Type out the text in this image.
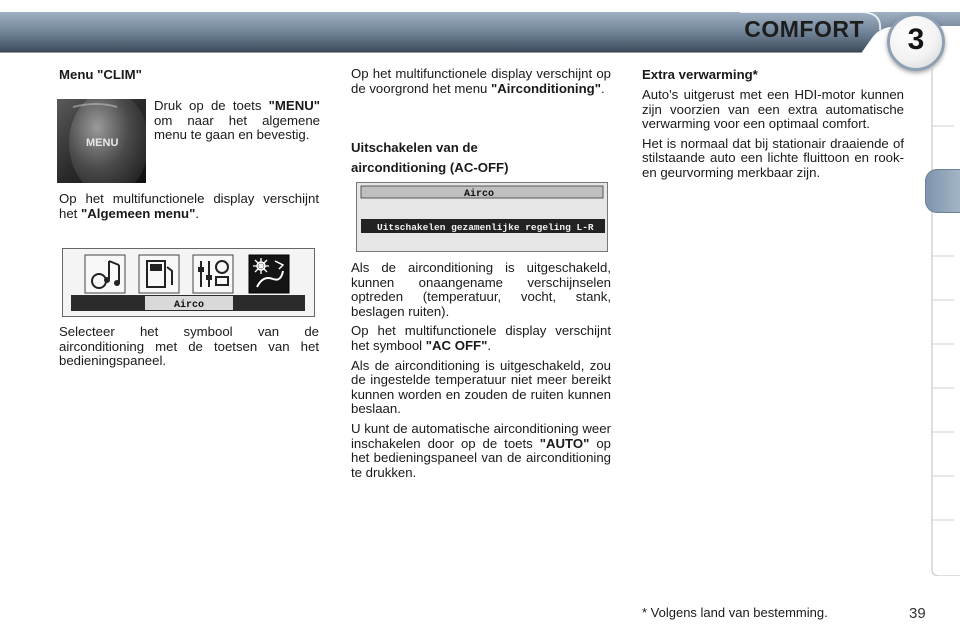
COMFORT	3

Menu "CLIM"

MENU

Druk op de toets "MENU" om naar het algemene menu te gaan en bevestig.

Op het multifunctionele display verschijnt het "Algemeen menu".

Airco

Selecteer het symbool van de airconditioning met de toetsen van het bedieningspaneel.

Op het multifunctionele display verschijnt op de voorgrond het menu "Airconditioning".

Uitschakelen van de

airconditioning (AC-OFF)

Airco
Uitschakelen gezamenlijke regeling L-R

Als de airconditioning is uitgeschakeld, kunnen onaangename verschijnselen optreden (temperatuur, vocht, stank, beslagen ruiten).

Op het multifunctionele display verschijnt het symbool "AC OFF".

Als de airconditioning is uitgeschakeld, zou de ingestelde temperatuur niet meer bereikt kunnen worden en zouden de ruiten kunnen beslaan.

U kunt de automatische airconditioning weer inschakelen door op de toets "AUTO" op het bedieningspaneel van de airconditioning te drukken.

Extra verwarming*

Auto's uitgerust met een HDI-motor kunnen zijn voorzien van een extra automatische verwarming voor een optimaal comfort.

Het is normaal dat bij stationair draaiende of stilstaande auto een lichte fluittoon en rook- en geurvorming merkbaar zijn.

* Volgens land van bestemming.	39
